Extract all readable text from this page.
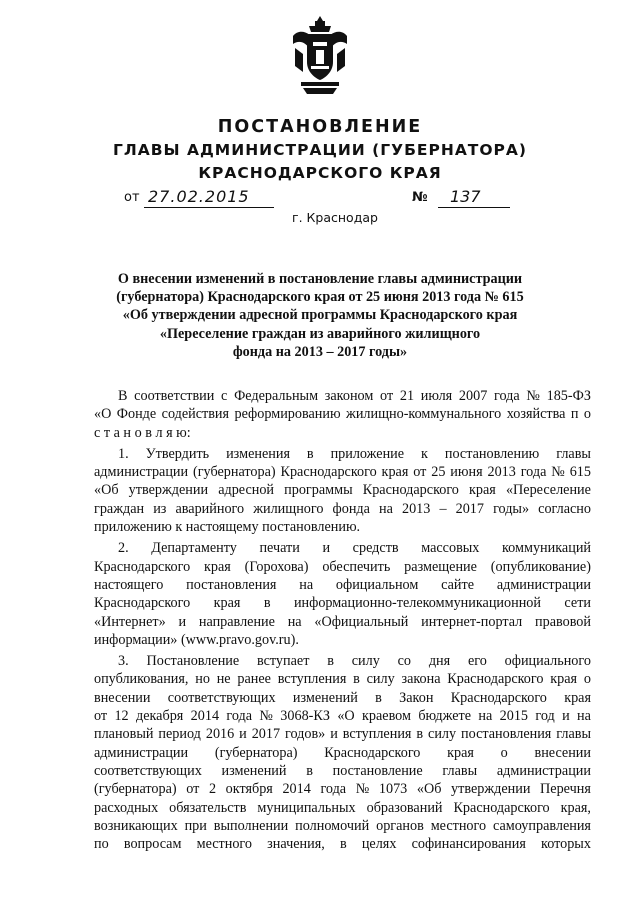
ПОСТАНОВЛЕНИЕ
ГЛАВЫ АДМИНИСТРАЦИИ (ГУБЕРНАТОРА)
КРАСНОДАРСКОГО КРАЯ
от 27.02.2015	№ 137
г. Краснодар
О внесении изменений в постановление главы администрации
(губернатора) Краснодарского края от 25 июня 2013 года № 615
«Об утверждении адресной программы Краснодарского края
«Переселение граждан из аварийного жилищного
фонда на 2013 – 2017 годы»
В соответствии с Федеральным законом от 21 июля 2007 года № 185-ФЗ
«О Фонде содействия реформированию жилищно-коммунального хозяйства п о
с т а н о в л я ю:
1. Утвердить изменения в приложение к постановлению главы
администрации (губернатора) Краснодарского края от 25 июня 2013 года № 615
«Об утверждении адресной программы Краснодарского края «Переселение
граждан из аварийного жилищного фонда на 2013 – 2017 годы» согласно
приложению к настоящему постановлению.
2. Департаменту печати и средств массовых коммуникаций
Краснодарского края (Горохова) обеспечить размещение (опубликование)
настоящего постановления на официальном сайте администрации
Краснодарского края в информационно-телекоммуникационной сети
«Интернет» и направление на «Официальный интернет-портал правовой
информации» (www.pravo.gov.ru).
3. Постановление вступает в силу со дня его официального
опубликования, но не ранее вступления в силу закона Краснодарского края о
внесении соответствующих изменений в Закон Краснодарского края
от 12 декабря 2014 года № 3068-КЗ «О краевом бюджете на 2015 год и на
плановый период 2016 и 2017 годов» и вступления в силу постановления главы
администрации (губернатора) Краснодарского края о внесении
соответствующих изменений в постановление главы администрации
(губернатора) от 2 октября 2014 года № 1073 «Об утверждении Перечня
расходных обязательств муниципальных образований Краснодарского края,
возникающих при выполнении полномочий органов местного самоуправления
по вопросам местного значения, в целях софинансирования которых
